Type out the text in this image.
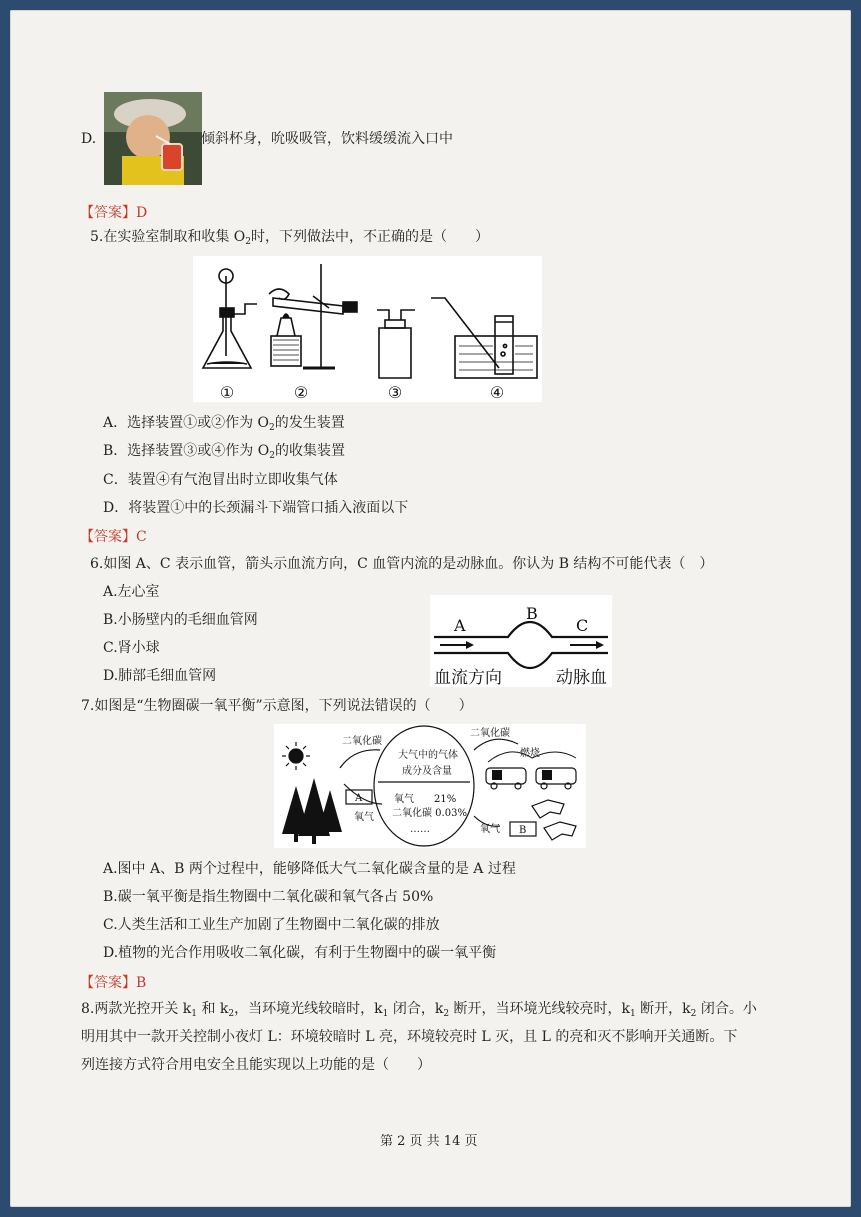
D.	倾斜杯身，吮吸吸管，饮料缓缓流入口中
【答案】D
5.在实验室制取和收集 $O_2$时，下列做法中，不正确的是（　　）
①	②	③	④
A．选择装置①或②作为 $O_2$的发生装置
B．选择装置③或④作为 $O_2$的收集装置
C．装置④有气泡冒出时立即收集气体
D．将装置①中的长颈漏斗下端管口插入液面以下
【答案】C
6.如图 A、C 表示血管，箭头示血流方向，C 血管内流的是动脉血。你认为 B 结构不可能代表（　）
A.左心室
B.小肠壁内的毛细血管网
C.肾小球
D.肺部毛细血管网
A
B
C
血流方向	动脉血
7.如图是“生物圈碳一氧平衡”示意图，下列说法错误的（　　）
二氧化碳
二氧化碳
燃烧
大气中的气体
成分及含量
氧气　　21%
二氧化碳 0.03%
……
A
B
氧气
氧气
A.图中 A、B 两个过程中，能够降低大气二氧化碳含量的是 A 过程
B.碳一氧平衡是指生物圈中二氧化碳和氧气各占 50%
C.人类生活和工业生产加剧了生物圈中二氧化碳的排放
D.植物的光合作用吸收二氧化碳，有利于生物圈中的碳一氧平衡
【答案】B
8.两款光控开关 $k_1$ 和 $k_2$，当环境光线较暗时，$k_1$ 闭合，$k_2$ 断开，当环境光线较亮时，$k_1$ 断开，$k_2$ 闭合。小
明用其中一款开关控制小夜灯 L：环境较暗时 L 亮，环境较亮时 L 灭，且 L 的亮和灭不影响开关通断。下
列连接方式符合用电安全且能实现以上功能的是（　　）
第 2 页 共 14 页
